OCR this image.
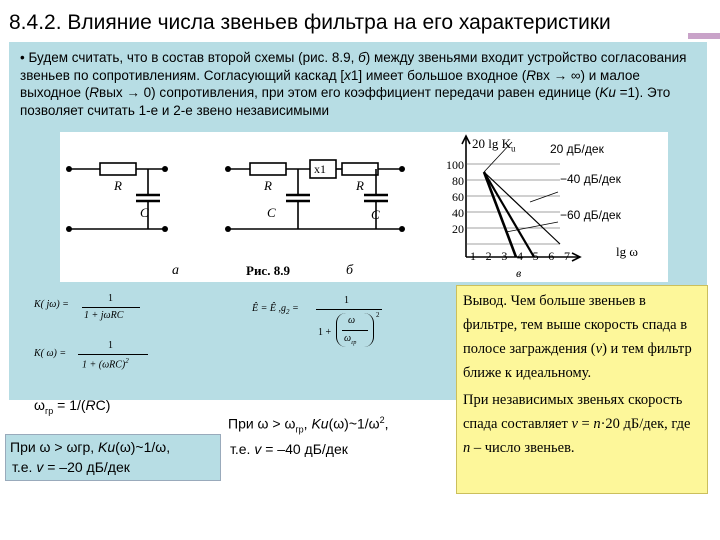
8.4.2. Влияние числа звеньев фильтра на его характеристики
• Будем считать, что в состав второй схемы (рис. 8.9, б) между звеньями входит устройство согласования звеньев по сопротивлениям. Согласующий каскад [x1] имеет большое входное (Rвх → ∞) и малое выходное (Rвых → 0) сопротивления, при этом его коэффициент передачи равен единице (Ku =1). Это позволяет считать 1-е и 2-е звено независимыми
R
C
R
x1
R
C	C
а	Рис. 8.9	б	в
20 $\lg K_u$	20 дБ/дек
−40 дБ/дек
−60 дБ/дек
100
80
60
40
20
1 2 3 4 5 6 7	lg ω
K( jω) =
1
1 + jωRC
K( ω) =
1
$1 + (\omega RC)^2$
Ê = Ê $,g_2$ =
1
1 +
ω
$\omega_{гр}$
2
$\omega_{гр} = 1/(RC)$
При $\omega > \omega_{гр}$, $Ku(\omega)\sim 1/\omega^2$,
т.е. v = –40 дБ/дек
При ω > ωгр, Ku(ω)~1/ω,
т.е. v = –20 дБ/дек

Вывод. Чем больше звеньев в фильтре, тем выше скорость спада в полосе заграждения (v) и тем фильтр ближе к идеальному.

При независимых звеньях скорость спада составляет v = n·20 дБ/дек, где n – число звеньев.
